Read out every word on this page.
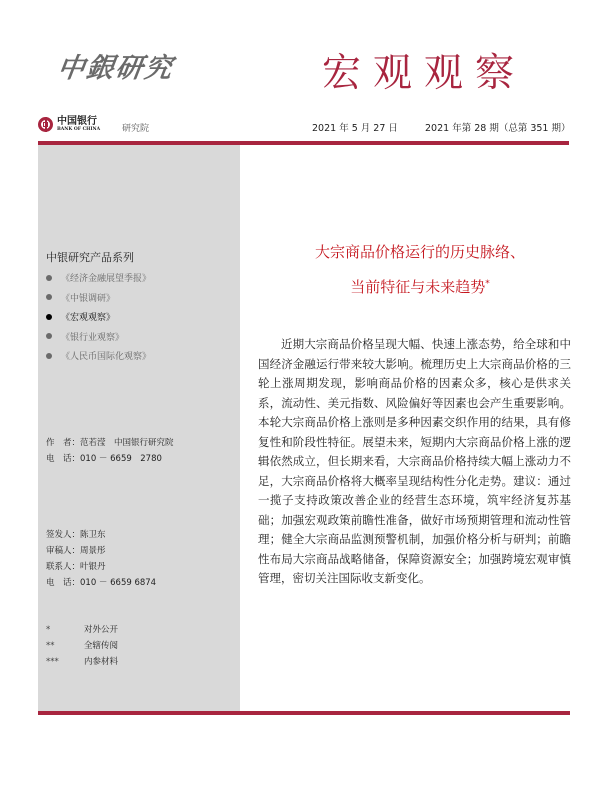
中銀研究	宏观观察
中国银行
BANK OF CHINA 研究院	2021 年 5 月 27 日	2021 年第 28 期（总第 351 期）
中银研究产品系列
《经济金融展望季报》
《中银调研》
《宏观观察》
《银行业观察》
《人民币国际化观察》
作　者：范若滢　中国银行研究院
电　话：010 － 6659　2780
签发人：陈卫东
审稿人：周景彤
联系人：叶银丹
电　话：010 － 6659 6874
*	对外公开
**	全辖传阅
***	内参材料
大宗商品价格运行的历史脉络、
当前特征与未来趋势*
近期大宗商品价格呈现大幅、快速上涨态势，给全球和中国经济金融运行带来较大影响。梳理历史上大宗商品价格的三轮上涨周期发现，影响商品价格的因素众多，核心是供求关系，流动性、美元指数、风险偏好等因素也会产生重要影响。本轮大宗商品价格上涨则是多种因素交织作用的结果，具有修复性和阶段性特征。展望未来，短期内大宗商品价格上涨的逻辑依然成立，但长期来看，大宗商品价格持续大幅上涨动力不足，大宗商品价格将大概率呈现结构性分化走势。建议：通过一揽子支持政策改善企业的经营生态环境，筑牢经济复苏基础；加强宏观政策前瞻性准备，做好市场预期管理和流动性管理；健全大宗商品监测预警机制，加强价格分析与研判；前瞻性布局大宗商品战略储备，保障资源安全；加强跨境宏观审慎管理，密切关注国际收支新变化。
